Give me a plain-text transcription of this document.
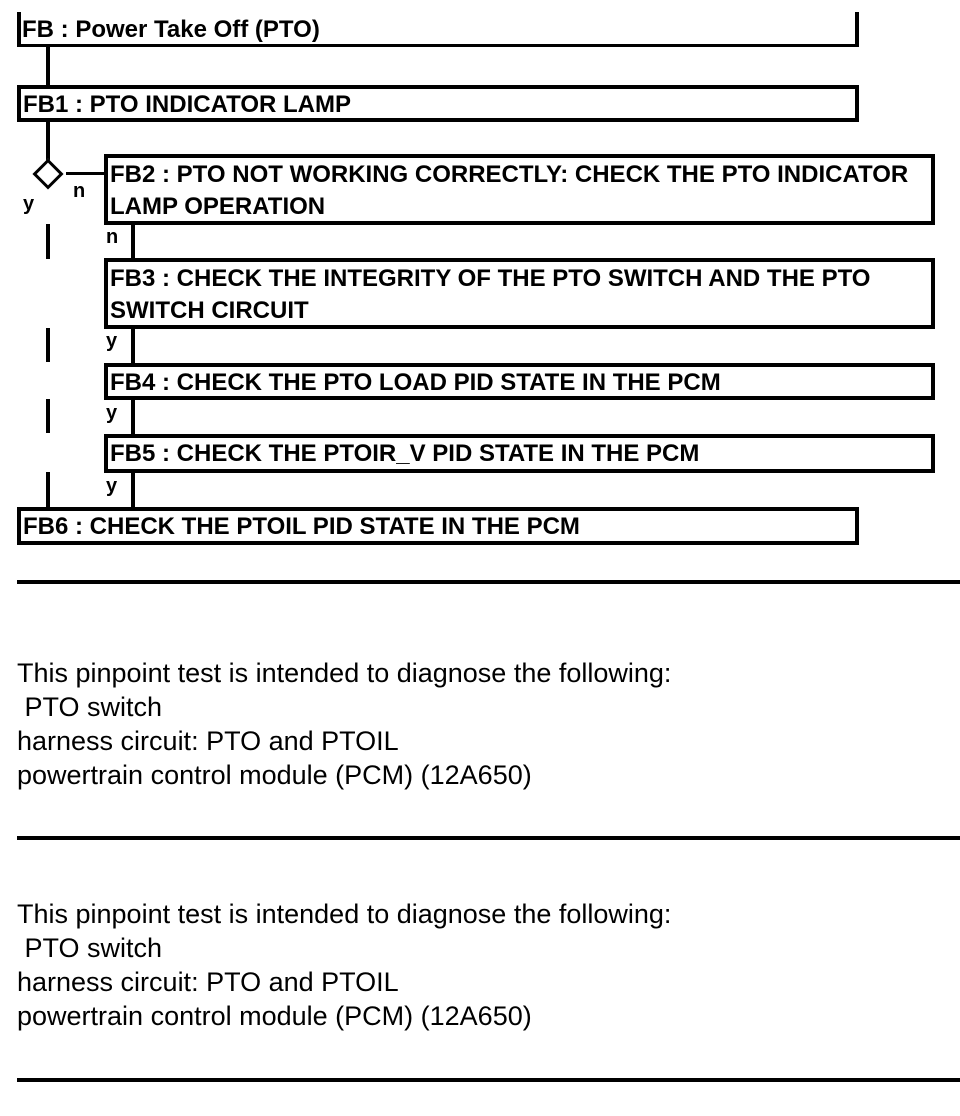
FB : Power Take Off (PTO)
FB1 : PTO INDICATOR LAMP
n
y
FB2 : PTO NOT WORKING CORRECTLY: CHECK THE PTO INDICATOR LAMP OPERATION
n
FB3 : CHECK THE INTEGRITY OF THE PTO SWITCH AND THE PTO SWITCH CIRCUIT
y
FB4 : CHECK THE PTO LOAD PID STATE IN THE PCM
y
FB5 : CHECK THE PTOIR_V PID STATE IN THE PCM
y
FB6 : CHECK THE PTOIL PID STATE IN THE PCM
This pinpoint test is intended to diagnose the following:
PTO switch
harness circuit: PTO and PTOIL
powertrain control module (PCM) (12A650)
This pinpoint test is intended to diagnose the following:
PTO switch
harness circuit: PTO and PTOIL
powertrain control module (PCM) (12A650)
